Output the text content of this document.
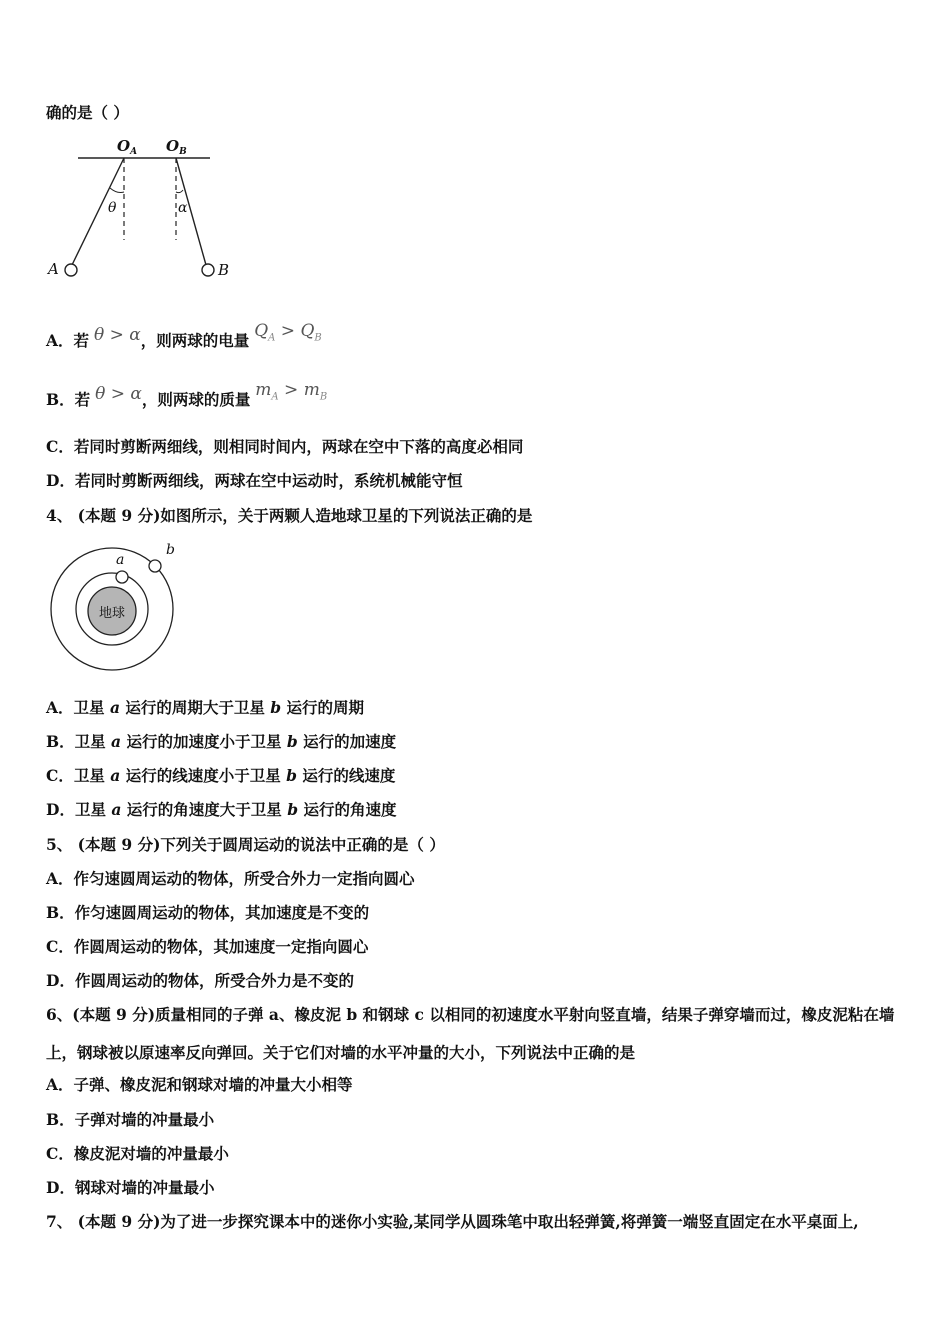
确的是（ ）
$O_A$ $O_B$
θ	α
A	B
A．若 θ > α，则两球的电量 $Q_A > Q_B$
B．若 θ > α，则两球的质量 $m_A > m_B$
C．若同时剪断两细线，则相同时间内，两球在空中下落的高度必相同
D．若同时剪断两细线，两球在空中运动时，系统机械能守恒
4、 (本题 9 分)如图所示，关于两颗人造地球卫星的下列说法正确的是
地球
a
b
A．卫星 a 运行的周期大于卫星 b 运行的周期
B．卫星 a 运行的加速度小于卫星 b 运行的加速度
C．卫星 a 运行的线速度小于卫星 b 运行的线速度
D．卫星 a 运行的角速度大于卫星 b 运行的角速度
5、 (本题 9 分)下列关于圆周运动的说法中正确的是（ ）
A．作匀速圆周运动的物体，所受合外力一定指向圆心
B．作匀速圆周运动的物体，其加速度是不变的
C．作圆周运动的物体，其加速度一定指向圆心
D．作圆周运动的物体，所受合外力是不变的
6、(本题 9 分)质量相同的子弹 a、橡皮泥 b 和钢球 c 以相同的初速度水平射向竖直墙，结果子弹穿墙而过，橡皮泥粘在墙上，钢球被以原速率反向弹回。关于它们对墙的水平冲量的大小，下列说法中正确的是
A．子弹、橡皮泥和钢球对墙的冲量大小相等
B．子弹对墙的冲量最小
C．橡皮泥对墙的冲量最小
D．钢球对墙的冲量最小
7、 (本题 9 分)为了进一步探究课本中的迷你小实验,某同学从圆珠笔中取出轻弹簧,将弹簧一端竖直固定在水平桌面上,
